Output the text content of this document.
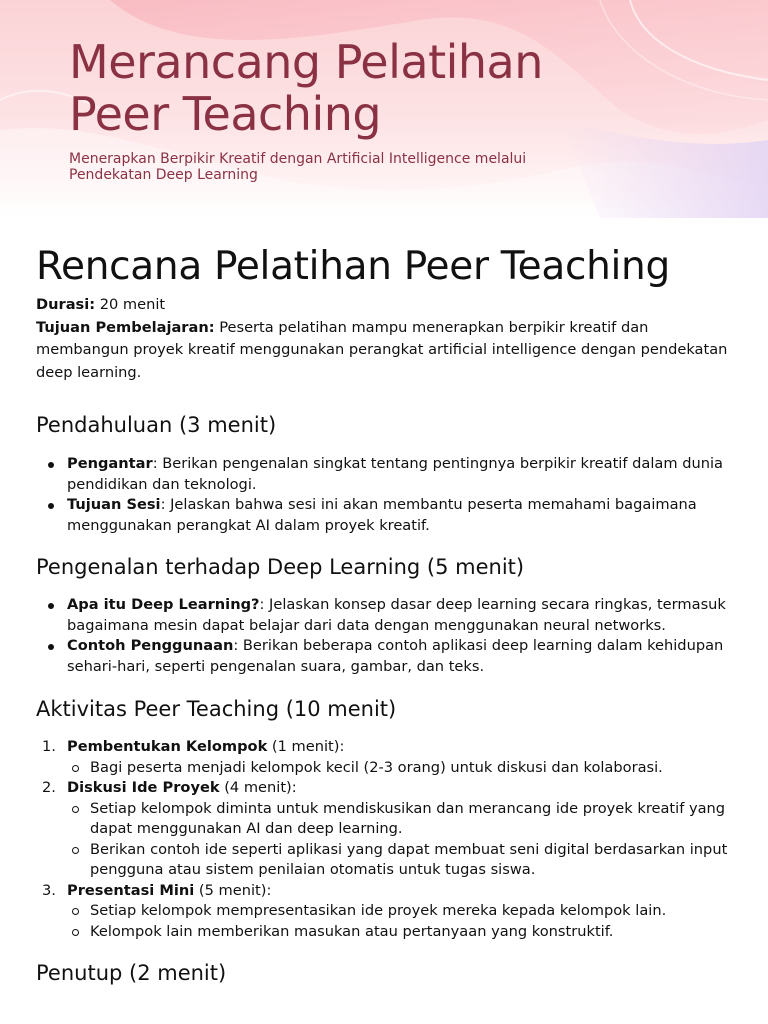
Merancang Pelatihan
Peer Teaching

Menerapkan Berpikir Kreatif dengan Artificial Intelligence melalui
Pendekatan Deep Learning

Rencana Pelatihan Peer Teaching
Durasi: 20 menit
Tujuan Pembelajaran: Peserta pelatihan mampu menerapkan berpikir kreatif dan membangun proyek kreatif menggunakan perangkat artificial intelligence dengan pendekatan deep learning.
Pendahuluan (3 menit)
Pengantar: Berikan pengenalan singkat tentang pentingnya berpikir kreatif dalam dunia pendidikan dan teknologi.
Tujuan Sesi: Jelaskan bahwa sesi ini akan membantu peserta memahami bagaimana menggunakan perangkat AI dalam proyek kreatif.
Pengenalan terhadap Deep Learning (5 menit)
Apa itu Deep Learning?: Jelaskan konsep dasar deep learning secara ringkas, termasuk bagaimana mesin dapat belajar dari data dengan menggunakan neural networks.
Contoh Penggunaan: Berikan beberapa contoh aplikasi deep learning dalam kehidupan sehari-hari, seperti pengenalan suara, gambar, dan teks.
Aktivitas Peer Teaching (10 menit)
1. Pembentukan Kelompok (1 menit):
Bagi peserta menjadi kelompok kecil (2-3 orang) untuk diskusi dan kolaborasi.
2. Diskusi Ide Proyek (4 menit):
Setiap kelompok diminta untuk mendiskusikan dan merancang ide proyek kreatif yang dapat menggunakan AI dan deep learning.
Berikan contoh ide seperti aplikasi yang dapat membuat seni digital berdasarkan input pengguna atau sistem penilaian otomatis untuk tugas siswa.
3. Presentasi Mini (5 menit):
Setiap kelompok mempresentasikan ide proyek mereka kepada kelompok lain.
Kelompok lain memberikan masukan atau pertanyaan yang konstruktif.
Penutup (2 menit)
